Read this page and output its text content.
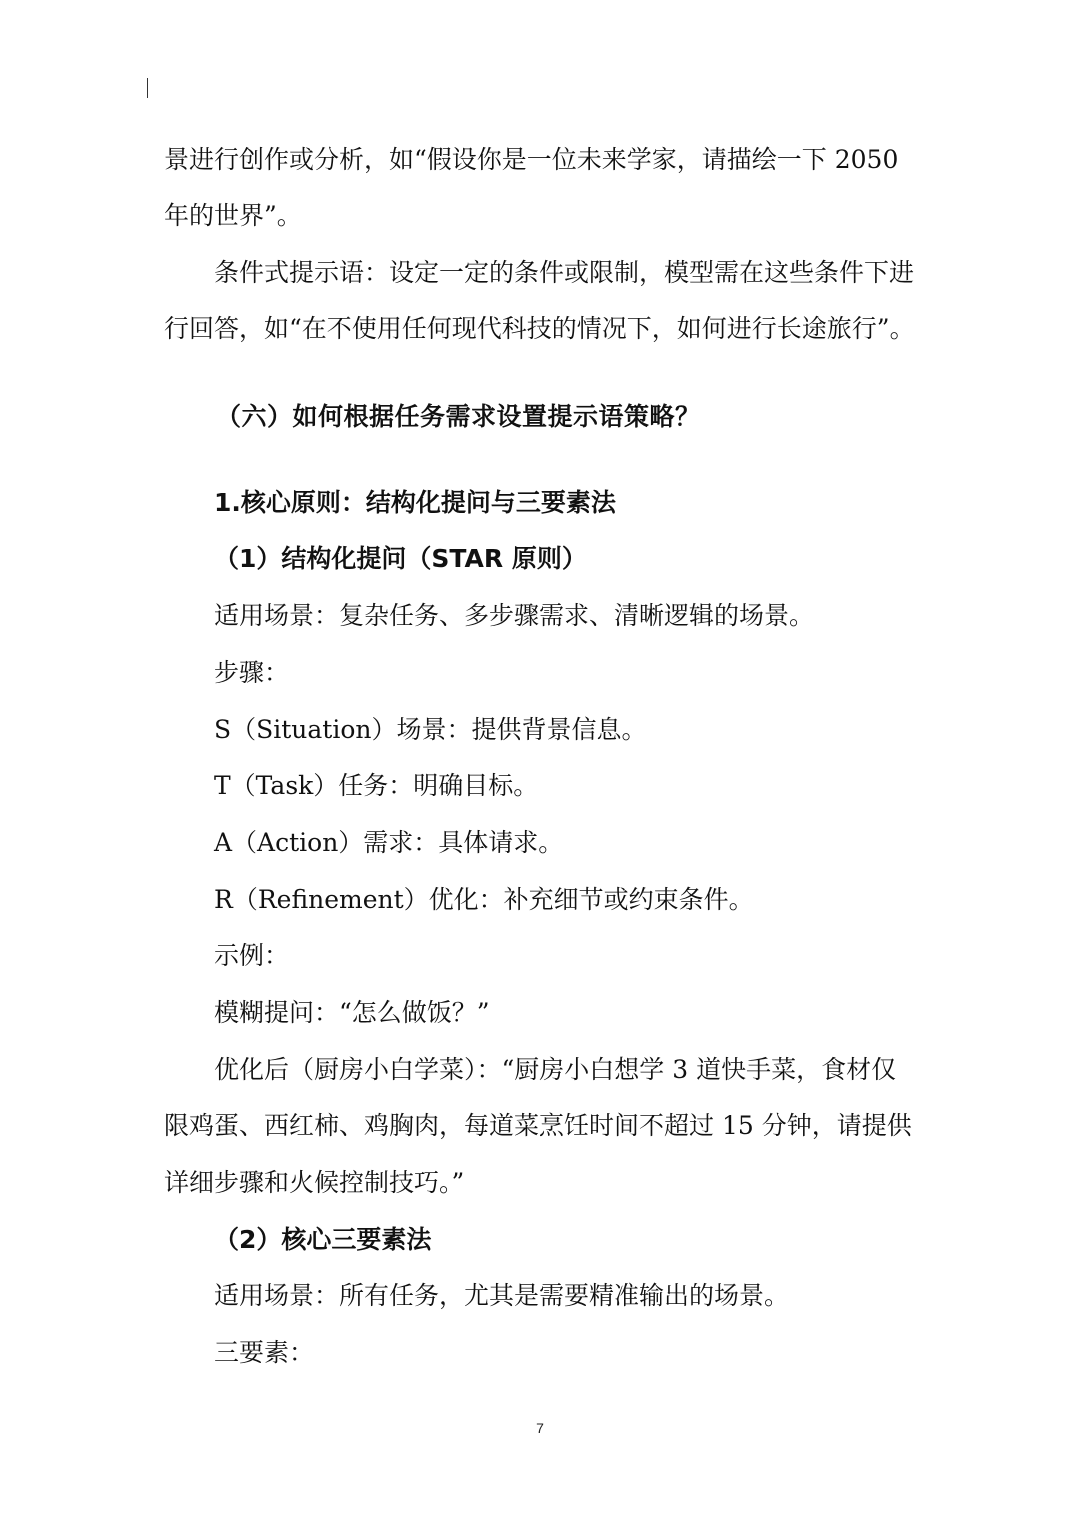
景进行创作或分析，如“假设你是一位未来学家，请描绘一下 2050

年的世界”。

条件式提示语：设定一定的条件或限制，模型需在这些条件下进

行回答，如“在不使用任何现代科技的情况下，如何进行长途旅行”。

（六）如何根据任务需求设置提示语策略？

1.核心原则：结构化提问与三要素法

（1）结构化提问（STAR 原则）

适用场景：复杂任务、多步骤需求、清晰逻辑的场景。

步骤：

S（Situation）场景：提供背景信息。

T（Task）任务：明确目标。

A（Action）需求：具体请求。

R（Refinement）优化：补充细节或约束条件。

示例：

模糊提问：“怎么做饭？”

优化后（厨房小白学菜）：“厨房小白想学 3 道快手菜，食材仅

限鸡蛋、西红柿、鸡胸肉，每道菜烹饪时间不超过 15 分钟，请提供

详细步骤和火候控制技巧。”

（2）核心三要素法

适用场景：所有任务，尤其是需要精准输出的场景。

三要素：

7
